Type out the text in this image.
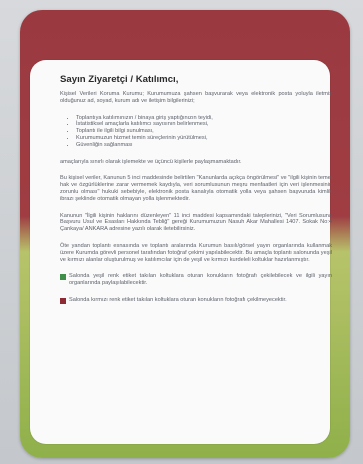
Sayın Ziyaretçi / Katılımcı,

Kişisel Verileri Koruma Kurumu; Kurumumuza şahsen başvurarak veya elektronik posta yoluyla iletmiş olduğunuz ad, soyad, kurum adı ve iletişim bilgilerinizi;

• Toplantıya katılımınızın / binaya giriş yaptığınızın teyidi,
• İstatistiksel amaçlarla katılımcı sayısının belirlenmesi,
• Toplantı ile ilgili bilgi sunulması,
• Kurumumuzun hizmet temin süreçlerinin yürütülmesi,
• Güvenliğin sağlanması

amaçlarıyla sınırlı olarak işlemekte ve üçüncü kişilerle paylaşmamaktadır.

Bu kişisel veriler, Kanunun 5 inci maddesinde belirtilen "Kanunlarda açıkça öngörülmesi" ve "ilgili kişinin temel hak ve özgürlüklerine zarar vermemek kaydıyla, veri sorumlusunun meşru menfaatleri için veri işlenmesinin zorunlu olması" hukuki sebebiyle, elektronik posta kanalıyla otomatik yolla veya şahsen başvuruda kimlik ibrazı şeklinde otomatik olmayan yolla işlenmektedir.

Kanunun "İlgili kişinin haklarını düzenleyen" 11 inci maddesi kapsamındaki taleplerinizi, "Veri Sorumlusuna Başvuru Usul ve Esasları Hakkında Tebliğ" gereği Kurumumuzun Nasuh Akar Mahallesi 1407. Sokak No:4 Çankaya/ ANKARA adresine yazılı olarak iletebilirsiniz.

Öte yandan toplantı esnasında ve toplantı aralarında Kurumun basılı/görsel yayın organlarında kullanmak üzere Kurumda görevli personel tarafından fotoğraf çekimi yapılabilecektir. Bu amaçla toplantı salonunda yeşil ve kırmızı alanlar oluşturulmuş ve katılımcılar için de yeşil ve kırmızı kurdeleli koltuklar hazırlanmıştır.

Salonda yeşil renk etiket takılan koltuklara oturan konukların fotoğrafı çekilebilecek ve ilgili yayın organlarında paylaşılabilecektir.

Salonda kırmızı renk etiket takılan koltuklara oturan konukların fotoğrafı çekilmeyecektir.
